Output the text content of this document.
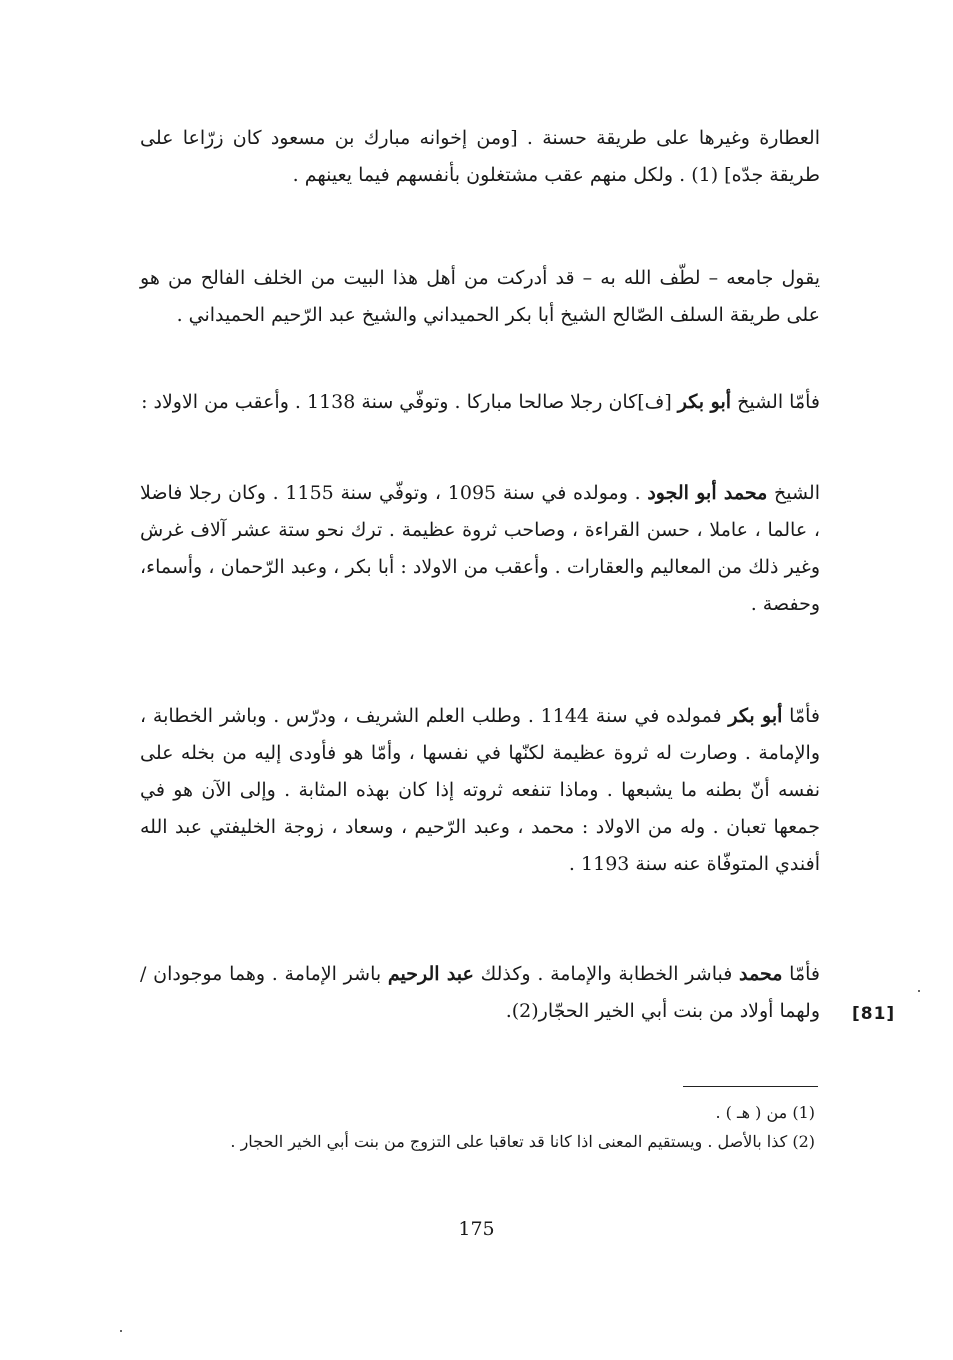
العطارة وغيرها على طريقة حسنة . [ومن إخوانه مبارك بن مسعود كان زرّاعا على طريقة جدّه] (1) . ولكل منهم عقب مشتغلون بأنفسهم فيما يعينهم .

يقول جامعه – لطّف الله به – قد أدركت من أهل هذا البيت من الخلف الفالح من هو على طريقة السلف الصّالح الشيخ أبا بكر الحميداني والشيخ عبد الرّحيم الحميداني .

فأمّا الشيخ أبو بكر [ف]كان رجلا صالحا مباركا . وتوفّي سنة 1138 . وأعقب من الاولاد :

الشيخ محمد أبو الجود . ومولده في سنة 1095 ، وتوفّي سنة 1155 . وكان رجلا فاضلا ، عالما ، عاملا ، حسن القراءة ، وصاحب ثروة عظيمة . ترك نحو ستة عشر آلاف غرش وغير ذلك من المعاليم والعقارات . وأعقب من الاولاد : أبا بكر ، وعبد الرّحمان ، وأسماء، وحفصة .

فأمّا أبو بكر فمولده في سنة 1144 . وطلب العلم الشريف ، ودرّس . وباشر الخطابة ، والإمامة . وصارت له ثروة عظيمة لكنّها في نفسها ، وأمّا هو فأودى إليه من بخله على نفسه أنّ بطنه ما يشبعها . وماذا تنفعه ثروته إذا كان بهذه المثابة . وإلى الآن هو في جمعها تعبان . وله من الاولاد : محمد ، وعبد الرّحيم ، وسعاد ، زوجة الخليفتي عبد الله أفندي المتوفّاة عنه سنة 1193 .

فأمّا محمد فباشر الخطابة والإمامة . وكذلك عبد الرحيم باشر الإمامة . وهما موجودان / ولهما أولاد من بنت أبي الخير الحجّار(2). [81]

(1) من ( هـ ) .

(2) كذا بالأصل . ويستقيم المعنى اذا كانا قد تعاقبا على التزوج من بنت أبي الخير الحجار .

175
